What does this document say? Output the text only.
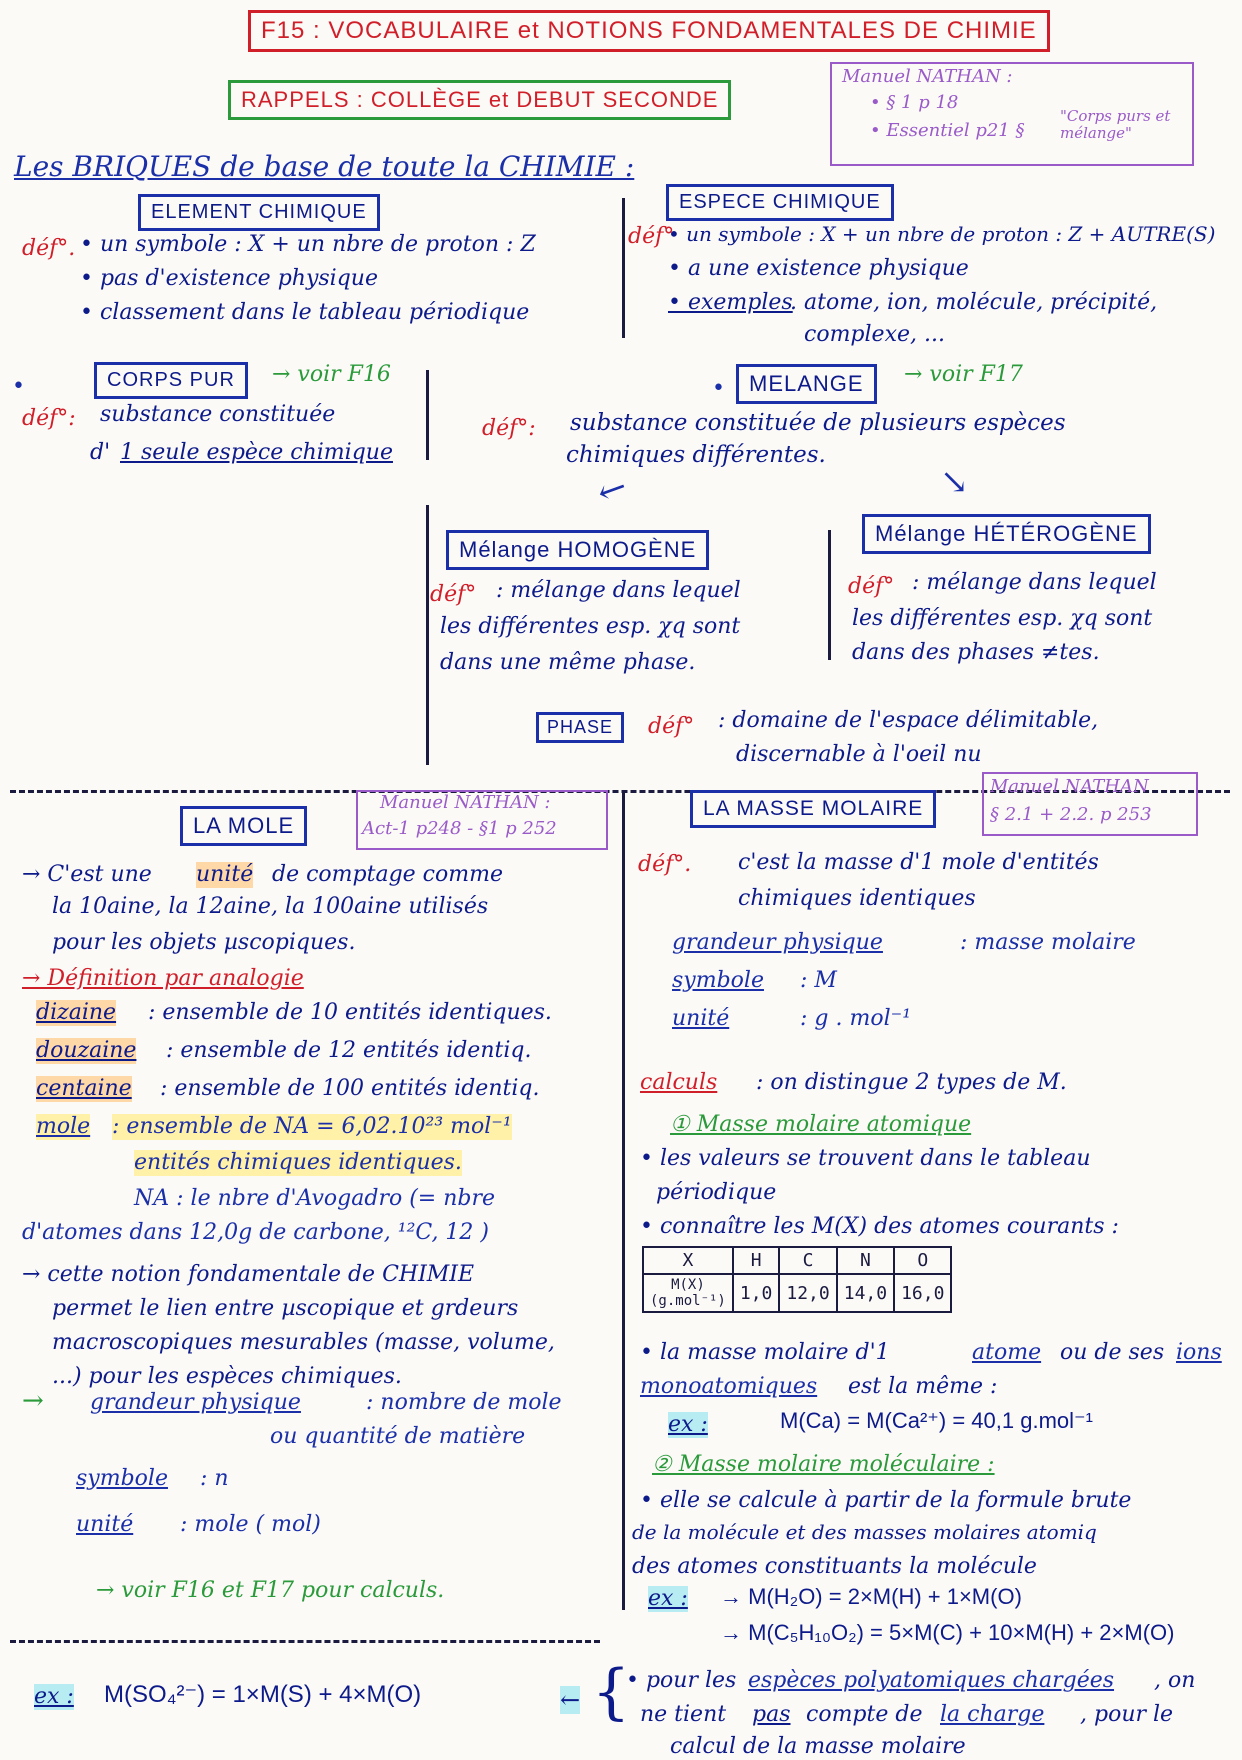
F15 : VOCABULAIRE et NOTIONS FONDAMENTALES DE CHIMIE
RAPPELS : COLLÈGE et DEBUT SECONDE
Manuel NATHAN :
• § 1 p 18
• Essentiel p21 §
"Corps purs et mélange"
Les BRIQUES de base de toute la CHIMIE :
ELEMENT CHIMIQUE
déf°. • un symbole : X + un nbre de proton : Z
• pas d'existence physique
• classement dans le tableau périodique
ESPECE CHIMIQUE
déf°
• un symbole : X + un nbre de proton : Z + AUTRE(S)
• a une existence physique
• exemples
. atome, ion, molécule, précipité,
complexe, ...
•	CORPS PUR	→ voir F16
déf°: substance constituée
d' 1 seule espèce chimique
•	MELANGE	→ voir F17
déf°: substance constituée de plusieurs espèces
chimiques différentes.
↙	↘
Mélange HOMOGÈNE
déf° : mélange dans lequel
les différentes esp. χq sont
dans une même phase.
Mélange HÉTÉROGÈNE
déf° : mélange dans lequel
les différentes esp. χq sont
dans des phases ≠tes.
PHASE	déf° : domaine de l'espace délimitable,
discernable à l'oeil nu
LA MOLE
Manuel NATHAN :
Act-1 p248 - §1 p 252
→ C'est une unité de comptage comme
la 10aine, la 12aine, la 100aine utilisés
pour les objets µscopiques.
→ Définition par analogie
dizaine : ensemble de 10 entités identiques.
douzaine : ensemble de 12 entités identiq.
centaine : ensemble de 100 entités identiq.
mole : ensemble de NA = 6,02.10²³ mol⁻¹
entités chimiques identiques.
NA : le nbre d'Avogadro (= nbre
d'atomes dans 12,0g de carbone, ¹²C, 12 )
→ cette notion fondamentale de CHIMIE
permet le lien entre µscopique et grdeurs
macroscopiques mesurables (masse, volume,
...) pour les espèces chimiques.
→ grandeur physique	: nombre de mole
ou quantité de matière
symbole : n
unité : mole ( mol)
→ voir F16 et F17 pour calculs.
LA MASSE MOLAIRE
Manuel NATHAN
§ 2.1 + 2.2. p 253
déf°. c'est la masse d'1 mole d'entités
chimiques identiques
grandeur physique	: masse molaire
symbole : M
unité	: g . mol⁻¹
calculs : on distingue 2 types de M.
① Masse molaire atomique
• les valeurs se trouvent dans le tableau
périodique
• connaître les M(X) des atomes courants :
X	H	C	N	O
M(X) (g.mol⁻¹)	1,0	12,0	14,0	16,0
• la masse molaire d'1	atome ou de ses ions
monoatomiques est la même :
ex :	M(Ca) = M(Ca²⁺) = 40,1 g.mol⁻¹
② Masse molaire moléculaire :
• elle se calcule à partir de la formule brute
de la molécule et des masses molaires atomiq
des atomes constituants la molécule
ex : → M(H₂O) = 2×M(H) + 1×M(O)
→ M(C₅H₁₀O₂) = 5×M(C) + 10×M(H) + 2×M(O)
ex : M(SO₄²⁻) = 1×M(S) + 4×M(O)	← {
• pour les espèces polyatomiques chargées , on
ne tient pas compte de la charge , pour le
calcul de la masse molaire
